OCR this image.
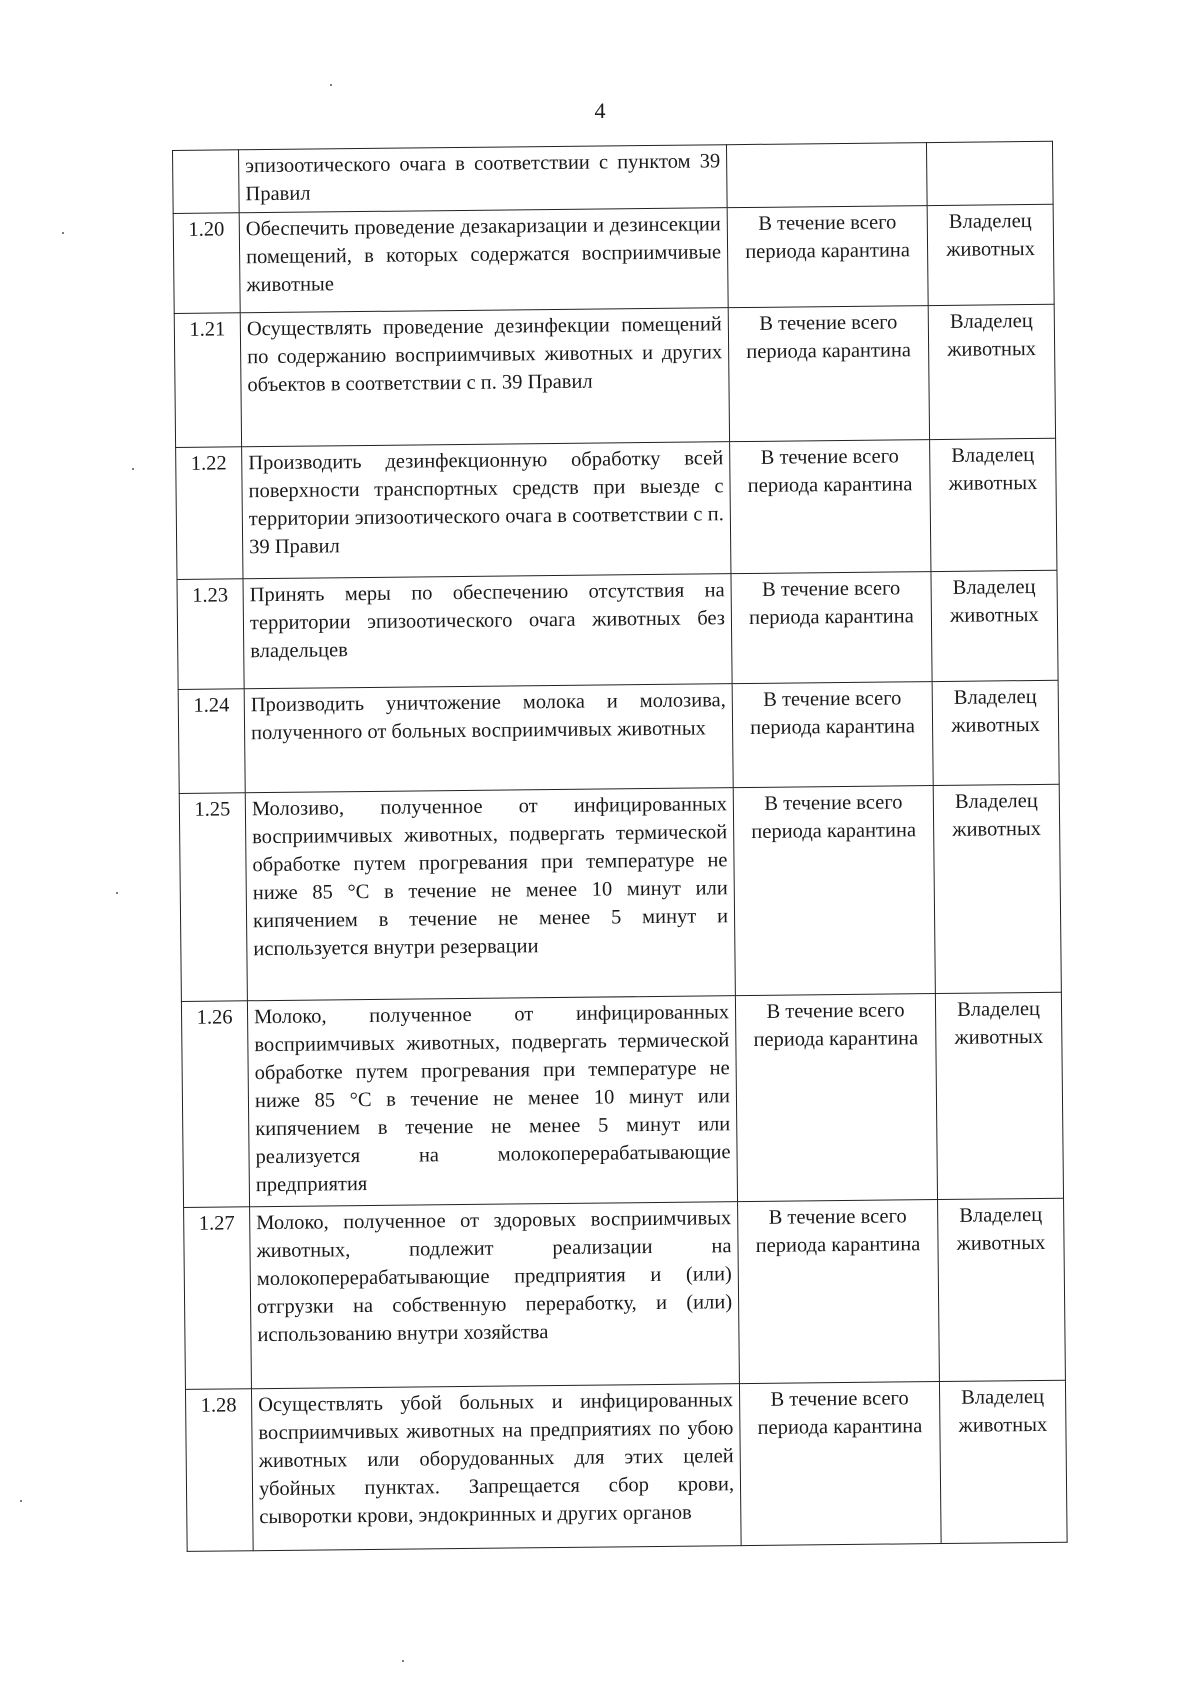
4
	эпизоотического очага в соответствии с пунктом 39 Правил		
1.20	Обеспечить проведение дезакаризации и дезинсекции помещений, в которых содержатся восприимчивые животные	В течение всего периода карантина	Владелец животных
1.21	Осуществлять проведение дезинфекции помещений по содержанию восприимчивых животных и других объектов в соответствии с п. 39 Правил	В течение всего периода карантина	Владелец животных
1.22	Производить дезинфекционную обработку всей поверхности транспортных средств при выезде с территории эпизоотического очага в соответствии с п. 39 Правил	В течение всего периода карантина	Владелец животных
1.23	Принять меры по обеспечению отсутствия на территории эпизоотического очага животных без владельцев	В течение всего периода карантина	Владелец животных
1.24	Производить уничтожение молока и молозива, полученного от больных восприимчивых животных	В течение всего периода карантина	Владелец животных
1.25	Молозиво, полученное от инфицированных восприимчивых животных, подвергать термической обработке путем прогревания при температуре не ниже 85 °С в течение не менее 10 минут или кипячением в течение не менее 5 минут и используется внутри резервации	В течение всего периода карантина	Владелец животных
1.26	Молоко, полученное от инфицированных восприимчивых животных, подвергать термической обработке путем прогревания при температуре не ниже 85 °С в течение не менее 10 минут или кипячением в течение не менее 5 минут или реализуется на молокоперерабатывающие предприятия	В течение всего периода карантина	Владелец животных
1.27	Молоко, полученное от здоровых восприимчивых животных, подлежит реализации на молокоперерабатывающие предприятия и (или) отгрузки на собственную переработку, и (или) использованию внутри хозяйства	В течение всего периода карантина	Владелец животных
1.28	Осуществлять убой больных и инфицированных восприимчивых животных на предприятиях по убою животных или оборудованных для этих целей убойных пунктах. Запрещается сбор крови, сыворотки крови, эндокринных и других органов	В течение всего периода карантина	Владелец животных
